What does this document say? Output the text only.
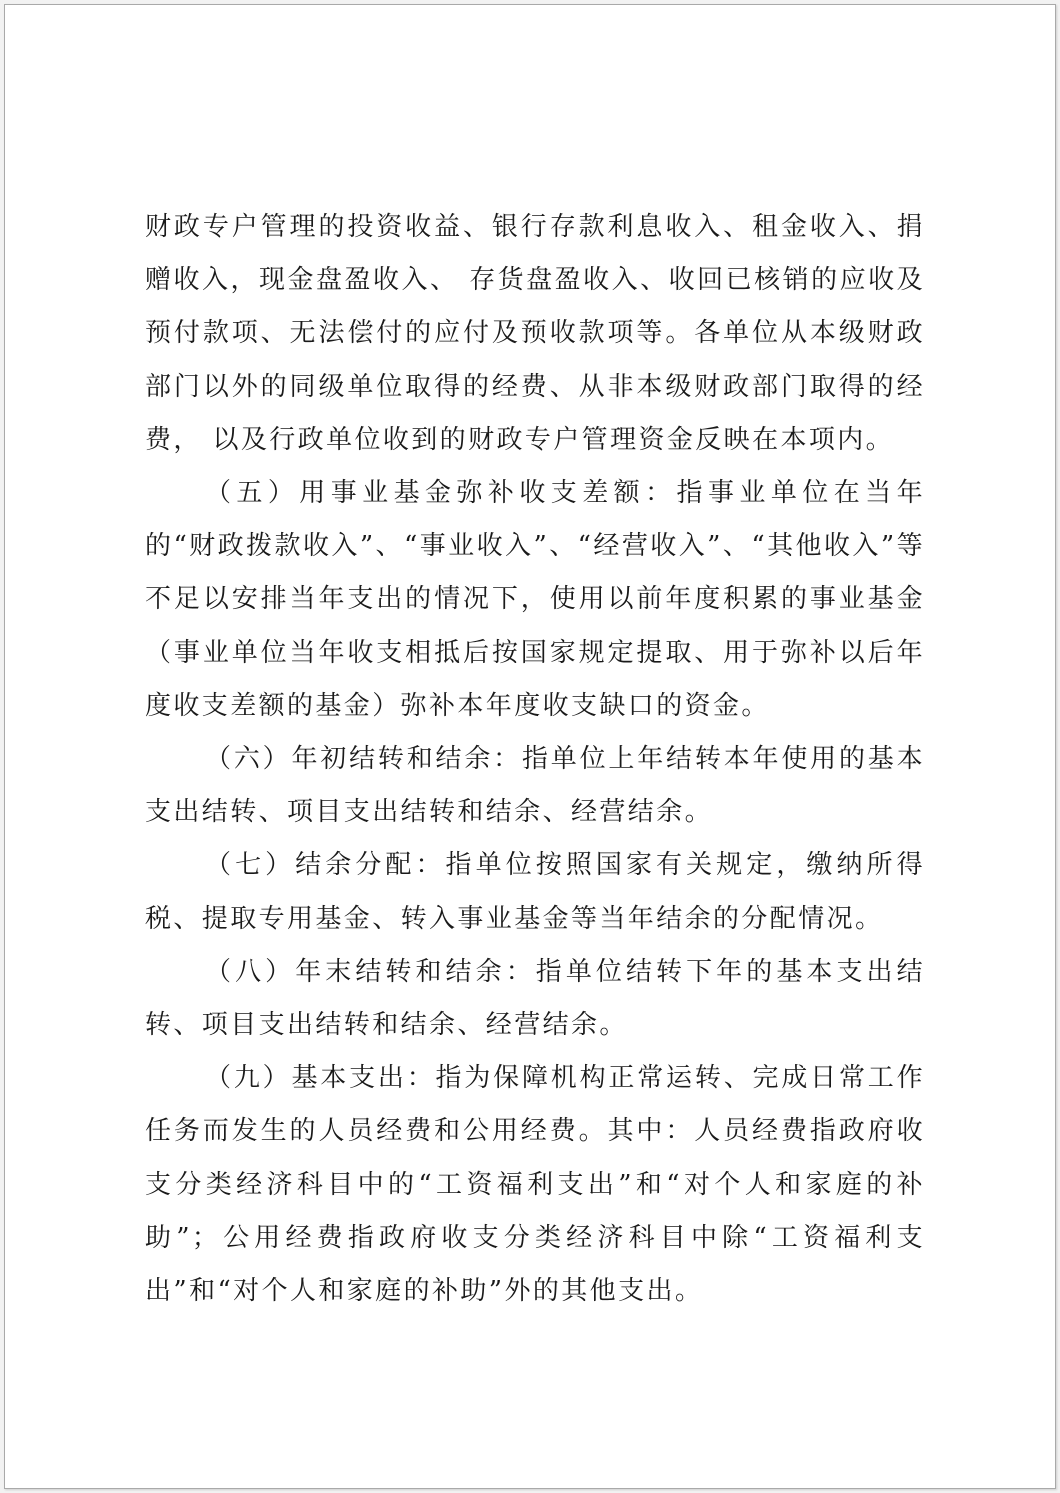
财政专户管理的投资收益、银行存款利息收入、租金收入、捐赠收入，现金盘盈收入、 存货盘盈收入、收回已核销的应收及预付款项、无法偿付的应付及预收款项等。各单位从本级财政部门以外的同级单位取得的经费、从非本级财政部门取得的经费， 以及行政单位收到的财政专户管理资金反映在本项内。

（五）用事业基金弥补收支差额：指事业单位在当年的“财政拨款收入”、“事业收入”、“经营收入”、“其他收入”等不足以安排当年支出的情况下，使用以前年度积累的事业基金（事业单位当年收支相抵后按国家规定提取、用于弥补以后年度收支差额的基金）弥补本年度收支缺口的资金。

（六）年初结转和结余：指单位上年结转本年使用的基本支出结转、项目支出结转和结余、经营结余。

（七）结余分配：指单位按照国家有关规定，缴纳所得税、提取专用基金、转入事业基金等当年结余的分配情况。

（八）年末结转和结余：指单位结转下年的基本支出结转、项目支出结转和结余、经营结余。

（九）基本支出：指为保障机构正常运转、完成日常工作任务而发生的人员经费和公用经费。其中：人员经费指政府收支分类经济科目中的“工资福利支出”和“对个人和家庭的补助”；公用经费指政府收支分类经济科目中除“工资福利支出”和“对个人和家庭的补助”外的其他支出。
